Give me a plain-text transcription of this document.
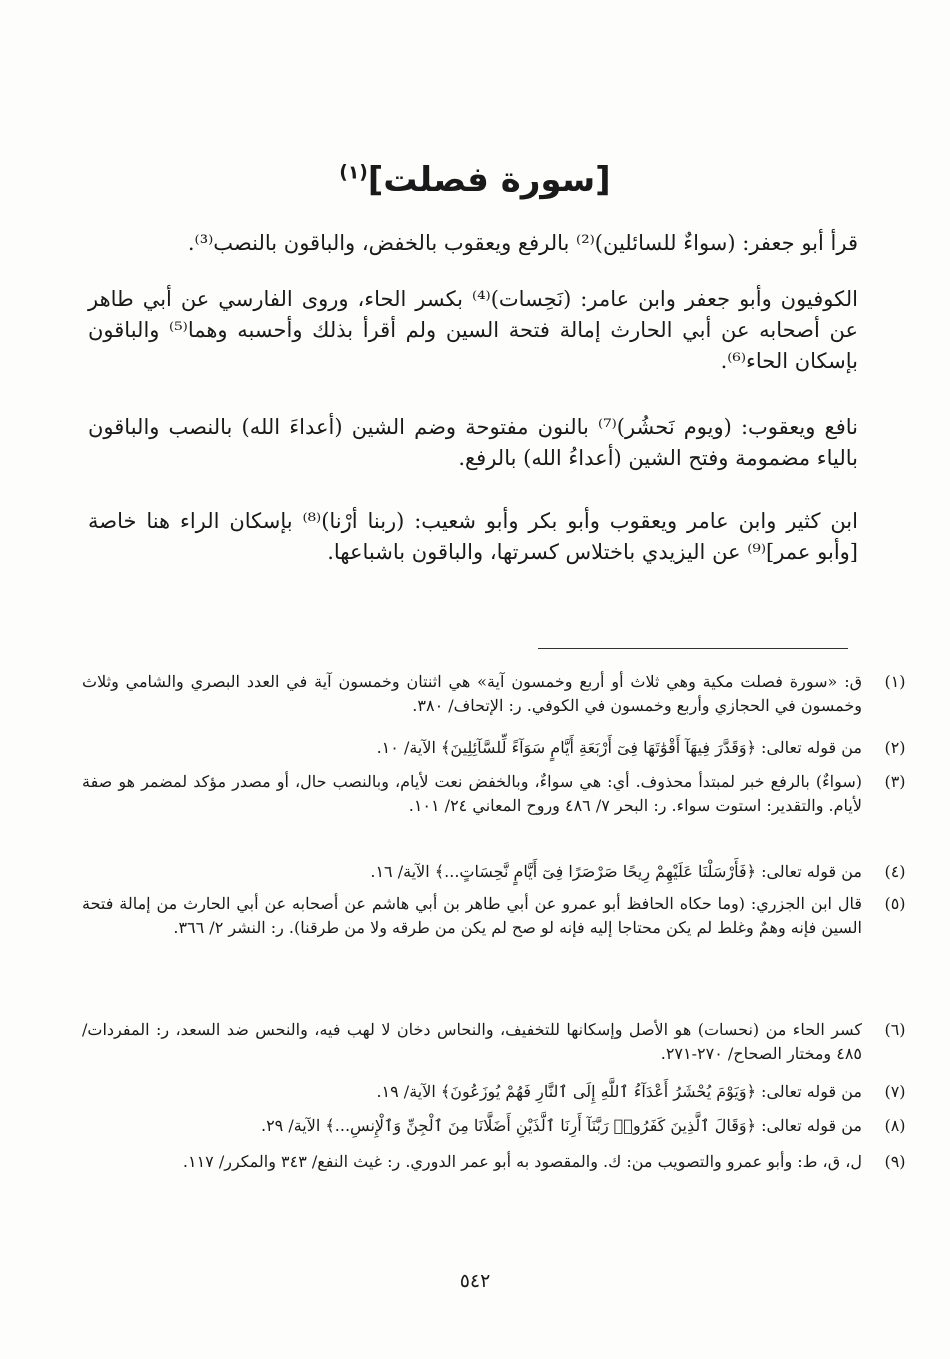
[سورة فصلت]$^{(١)}$
قرأ أبو جعفر: (سواءٌ للسائلين)⁽²⁾ بالرفع ويعقوب بالخفض، والباقون بالنصب⁽³⁾.
الكوفيون وأبو جعفر وابن عامر: (نَحِسات)⁽⁴⁾ بكسر الحاء، وروى الفارسي عن أبي طاهر عن أصحابه عن أبي الحارث إمالة فتحة السين ولم أقرأ بذلك وأحسبه وهما⁽⁵⁾ والباقون بإسكان الحاء⁽⁶⁾.
نافع ويعقوب: (ويوم نَحشُر)⁽⁷⁾ بالنون مفتوحة وضم الشين (أعداءَ الله) بالنصب والباقون بالياء مضمومة وفتح الشين (أعداءُ الله) بالرفع.
ابن كثير وابن عامر ويعقوب وأبو بكر وأبو شعيب: (ربنا أرْنا)⁽⁸⁾ بإسكان الراء هنا خاصة [وأبو عمر]⁽⁹⁾ عن اليزيدي باختلاس كسرتها، والباقون باشباعها.
(١)
ق: «سورة فصلت مكية وهي ثلاث أو أربع وخمسون آية» هي اثنتان وخمسون آية في العدد البصري والشامي وثلاث وخمسون في الحجازي وأربع وخمسون في الكوفي. ر: الإتحاف/ ٣٨٠.
(٢)
من قوله تعالى: ﴿وَقَدَّرَ فِيهَآ أَقْوَٰتَهَا فِىٓ أَرْبَعَةِ أَيَّامٍ سَوَآءً لِّلسَّآئِلِينَ﴾ الآية/ ١٠.
(٣)
(سواءٌ) بالرفع خبر لمبتدأ محذوف. أي: هي سواءٌ، وبالخفض نعت لأيام، وبالنصب حال، أو مصدر مؤكد لمضمر هو صفة لأيام. والتقدير: استوت سواء. ر: البحر ٧/ ٤٨٦ وروح المعاني ٢٤/ ١٠١.
(٤)
من قوله تعالى: ﴿فَأَرْسَلْنَا عَلَيْهِمْ رِيحًا صَرْصَرًا فِىٓ أَيَّامٍ نَّحِسَاتٍ...﴾ الآية/ ١٦.
(٥)
قال ابن الجزري: (وما حكاه الحافظ أبو عمرو عن أبي طاهر بن أبي هاشم عن أصحابه عن أبي الحارث من إمالة فتحة السين فإنه وهمٌ وغلط لم يكن محتاجا إليه فإنه لو صح لم يكن من طرقه ولا من طرقنا). ر: النشر ٢/ ٣٦٦.
(٦)
كسر الحاء من (نحسات) هو الأصل وإسكانها للتخفيف، والنحاس دخان لا لهب فيه، والنحس ضد السعد، ر: المفردات/ ٤٨٥ ومختار الصحاح/ ٢٧٠-٢٧١.
(٧)
من قوله تعالى: ﴿وَيَوْمَ يُحْشَرُ أَعْدَآءُ ٱللَّهِ إِلَى ٱلنَّارِ فَهُمْ يُوزَعُونَ﴾ الآية/ ١٩.
(٨)
من قوله تعالى: ﴿وَقَالَ ٱلَّذِينَ كَفَرُوا۟ رَبَّنَآ أَرِنَا ٱلَّذَيْنِ أَضَلَّانَا مِنَ ٱلْجِنِّ وَٱلْإِنسِ...﴾ الآية/ ٢٩.
(٩)
ل، ق، ط: وأبو عمرو والتصويب من: ك. والمقصود به أبو عمر الدوري. ر: غيث النفع/ ٣٤٣ والمكرر/ ١١٧.
٥٤٢
